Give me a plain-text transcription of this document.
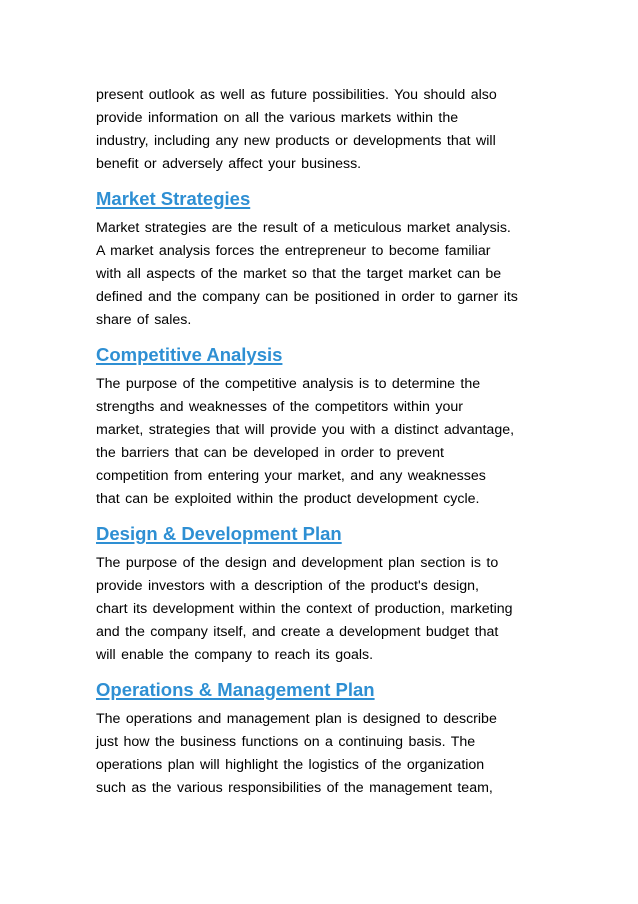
present outlook as well as future possibilities. You should also
provide information on all the various markets within the
industry, including any new products or developments that will
benefit or adversely affect your business.
Market Strategies
Market strategies are the result of a meticulous market analysis.
A market analysis forces the entrepreneur to become familiar
with all aspects of the market so that the target market can be
defined and the company can be positioned in order to garner its
share of sales.
Competitive Analysis
The purpose of the competitive analysis is to determine the
strengths and weaknesses of the competitors within your
market, strategies that will provide you with a distinct advantage,
the barriers that can be developed in order to prevent
competition from entering your market, and any weaknesses
that can be exploited within the product development cycle.
Design & Development Plan
The purpose of the design and development plan section is to
provide investors with a description of the product's design,
chart its development within the context of production, marketing
and the company itself, and create a development budget that
will enable the company to reach its goals.
Operations & Management Plan
The operations and management plan is designed to describe
just how the business functions on a continuing basis. The
operations plan will highlight the logistics of the organization
such as the various responsibilities of the management team,
